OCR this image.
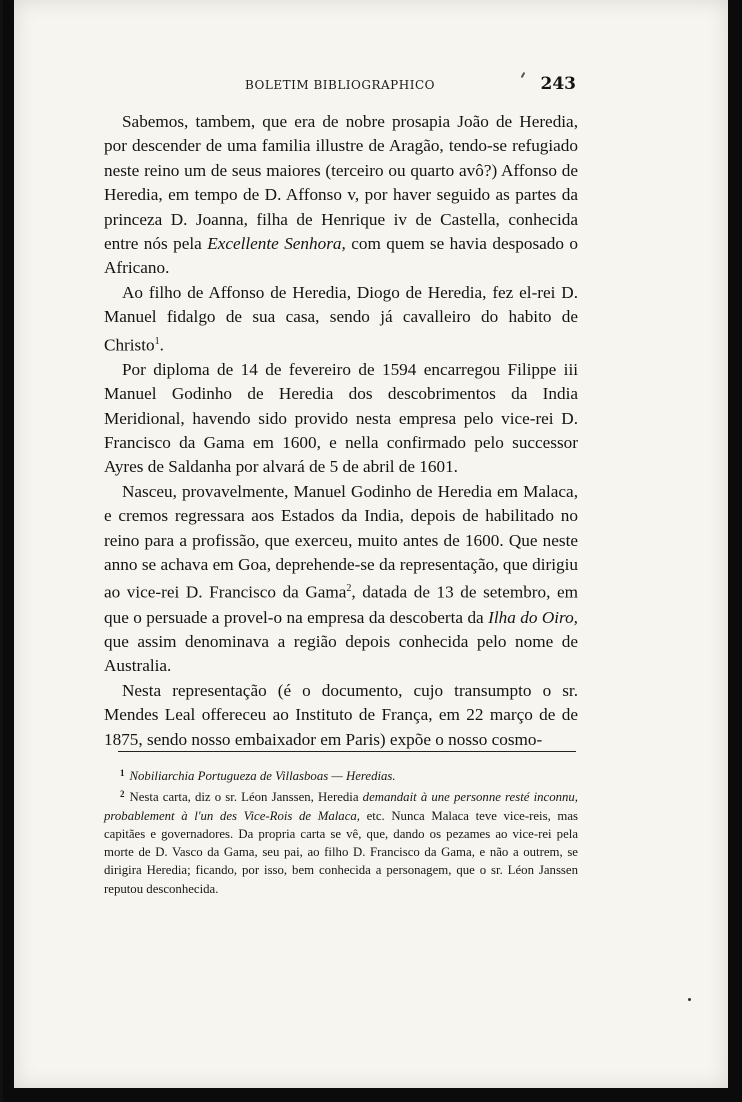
BOLETIM BIBLIOGRAPHICO	243

Sabemos, tambem, que era de nobre prosapia João de Heredia, por descender de uma familia illustre de Aragão, tendo-se refugiado neste reino um de seus maiores (terceiro ou quarto avô?) Affonso de Heredia, em tempo de D. Affonso v, por haver seguido as partes da princeza D. Joanna, filha de Henrique iv de Castella, conhecida entre nós pela Excellente Senhora, com quem se havia desposado o Africano.

Ao filho de Affonso de Heredia, Diogo de Heredia, fez el-rei D. Manuel fidalgo de sua casa, sendo já cavalleiro do habito de Christo$^1$.

Por diploma de 14 de fevereiro de 1594 encarregou Filippe iii Manuel Godinho de Heredia dos descobrimentos da India Meridional, havendo sido provido nesta empresa pelo vice-rei D. Francisco da Gama em 1600, e nella confirmado pelo successor Ayres de Saldanha por alvará de 5 de abril de 1601.

Nasceu, provavelmente, Manuel Godinho de Heredia em Malaca, e cremos regressara aos Estados da India, depois de habilitado no reino para a profissão, que exerceu, muito antes de 1600. Que neste anno se achava em Goa, deprehende-se da representação, que dirigiu ao vice-rei D. Francisco da Gama$^2$, datada de 13 de setembro, em que o persuade a provel-o na empresa da descoberta da Ilha do Oiro, que assim denominava a região depois conhecida pelo nome de Australia.

Nesta representação (é o documento, cujo transumpto o sr. Mendes Leal offereceu ao Instituto de França, em 22 março de de 1875, sendo nosso embaixador em Paris) expõe o nosso cosmo-

$^1$ Nobiliarchia Portugueza de Villasboas — Heredias.

$^2$ Nesta carta, diz o sr. Léon Janssen, Heredia demandait à une personne resté inconnu, probablement à l'un des Vice-Rois de Malaca, etc. Nunca Malaca teve vice-reis, mas capitães e governadores. Da propria carta se vê, que, dando os pezames ao vice-rei pela morte de D. Vasco da Gama, seu pai, ao filho D. Francisco da Gama, e não a outrem, se dirigira Heredia; ficando, por isso, bem conhecida a personagem, que o sr. Léon Janssen reputou desconhecida.
